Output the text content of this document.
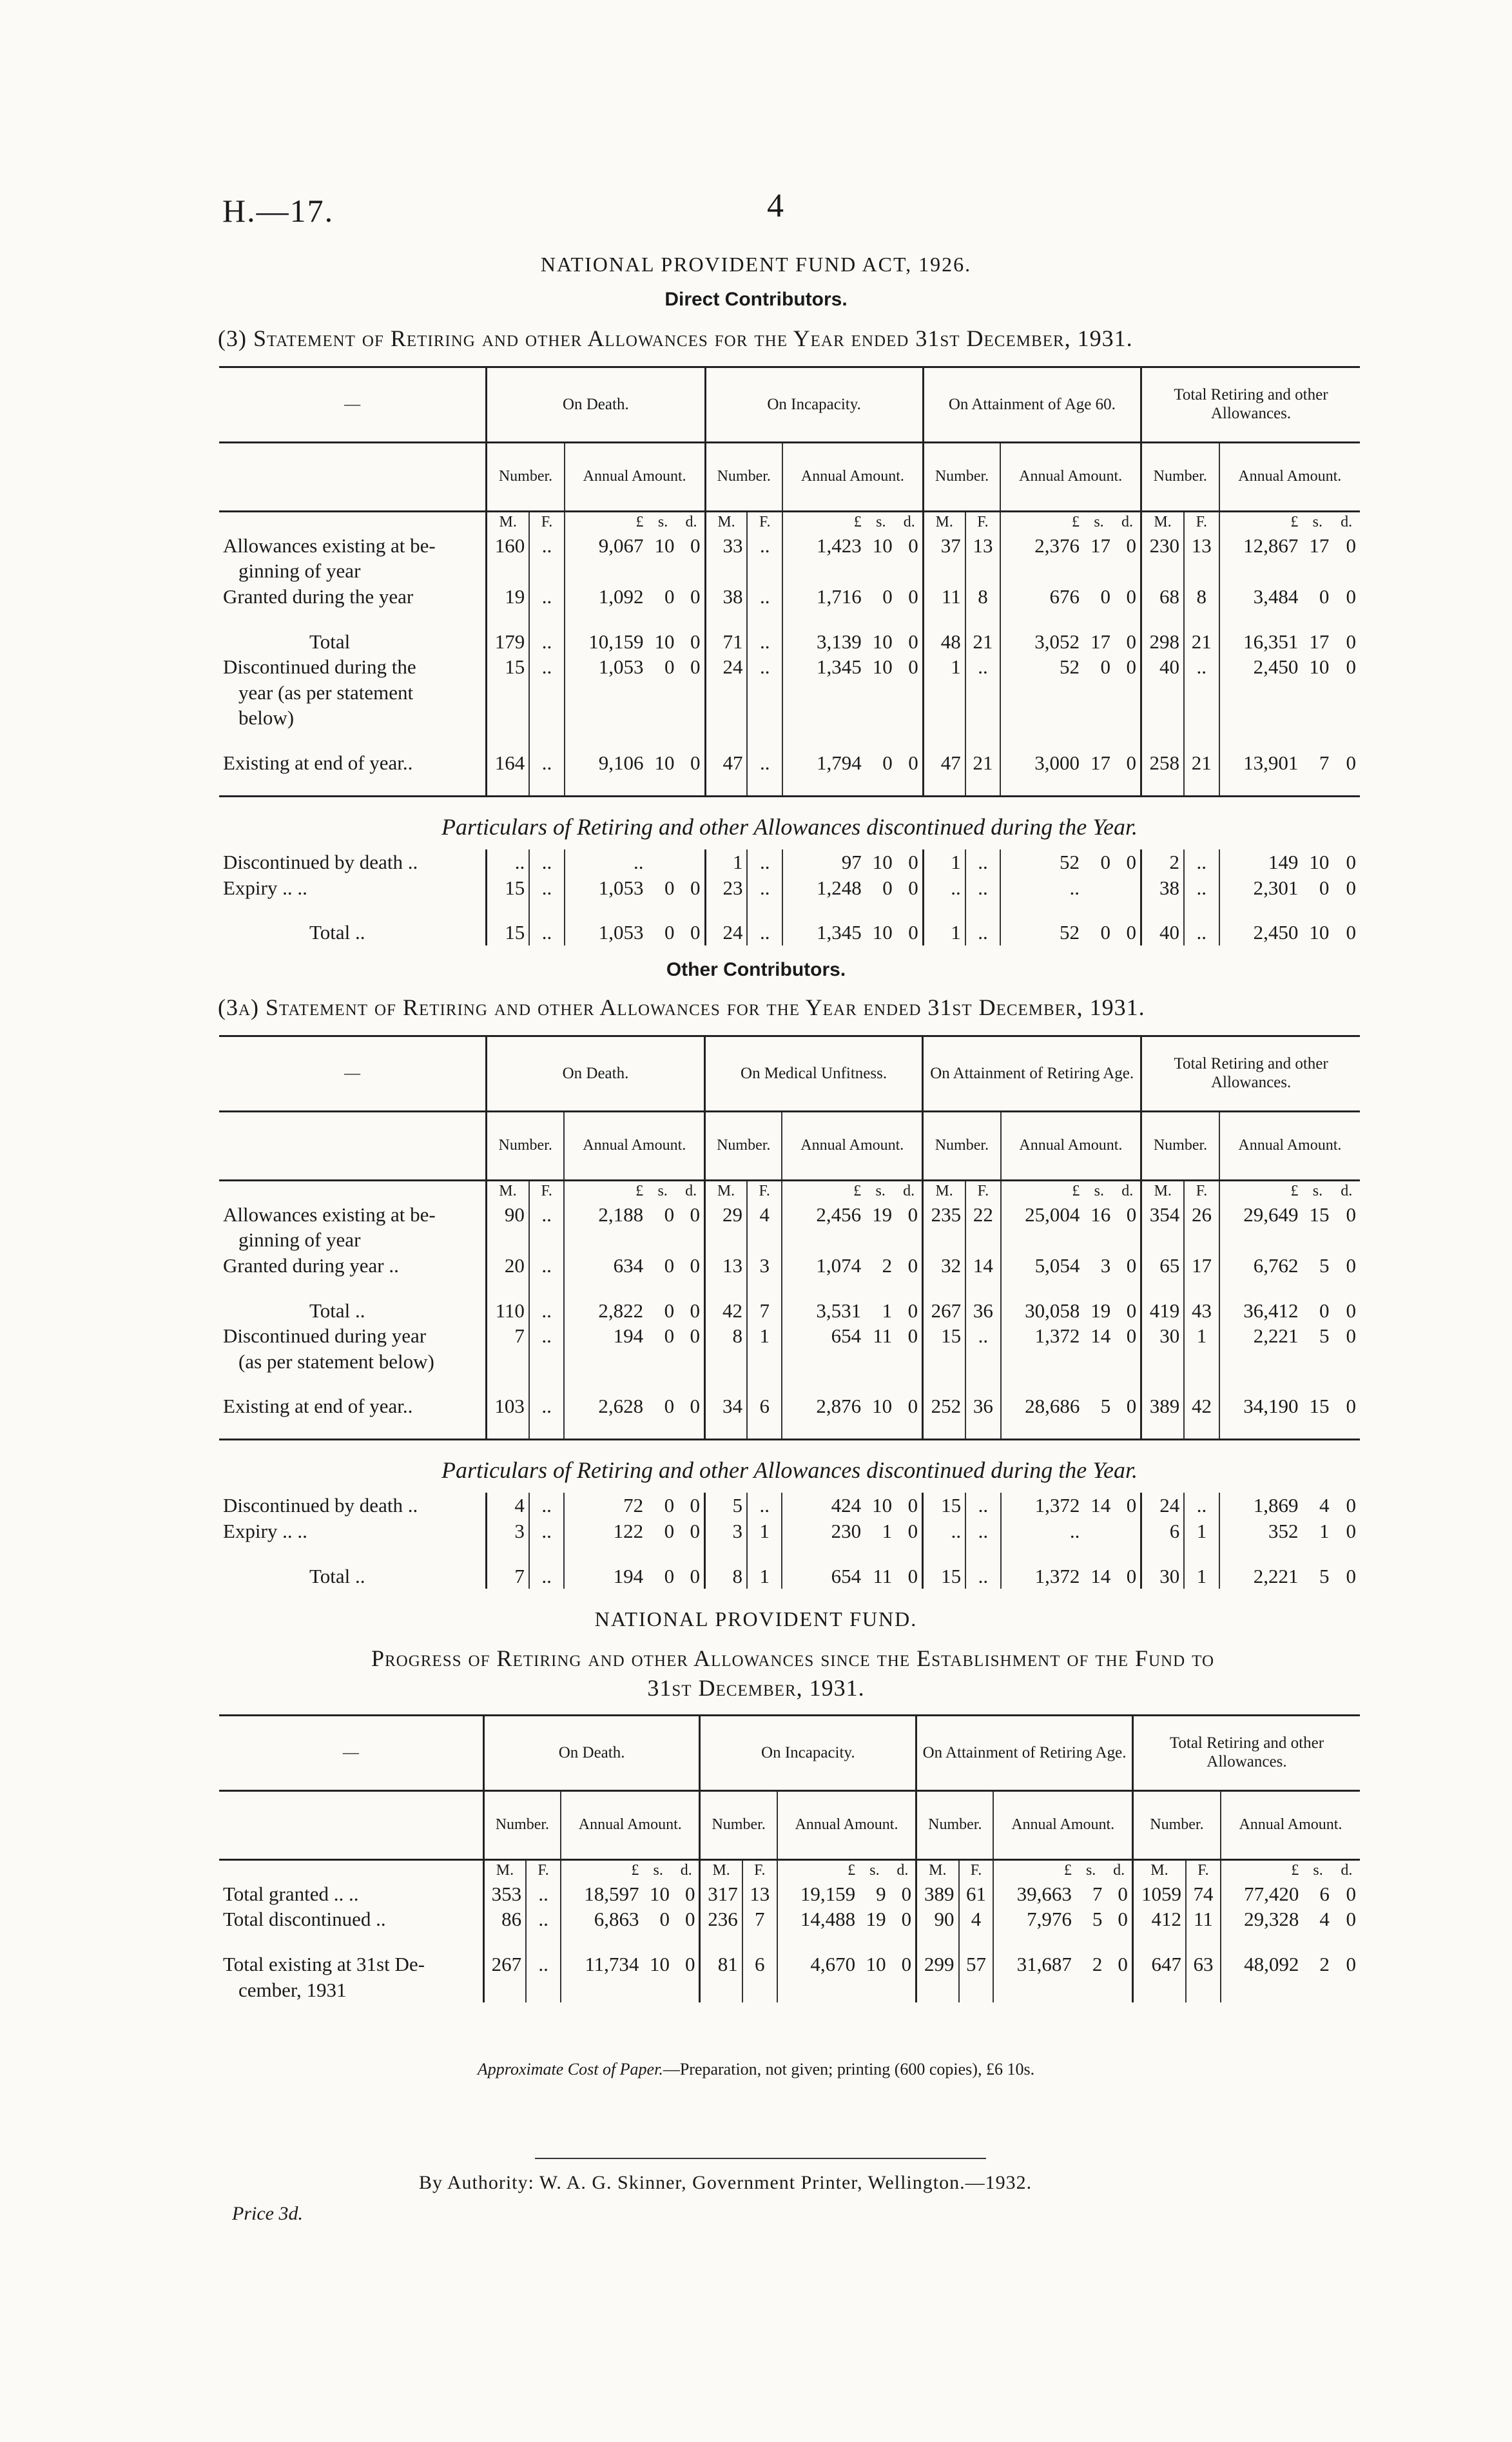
H.—17.	4
NATIONAL PROVIDENT FUND ACT, 1926.
Direct Contributors.
(3) Statement of Retiring and other Allowances for the Year ended 31st December, 1931.
—	On Death.					On Incapacity.					On Attainment of Age 60.					Total Retiring and other Allowances.				
	Number.		Annual Amount.			Number.		Annual Amount.			Number.		Annual Amount.			Number.		Annual Amount.		
	M.	F.	£	s.	d.	M.	F.	£	s.	d.	M.	F.	£	s.	d.	M.	F.	£	s.	d.
Allowances existing at be-	160	..	9,067	10	0	33	..	1,423	10	0	37	13	2,376	17	0	230	13	12,867	17	0
ginning of year																				
Granted during the year	19	..	1,092	0	0	38	..	1,716	0	0	11	8	676	0	0	68	8	3,484	0	0

Total	179	..	10,159	10	0	71	..	3,139	10	0	48	21	3,052	17	0	298	21	16,351	17	0
Discontinued during the	15	..	1,053	0	0	24	..	1,345	10	0	1	..	52	0	0	40	..	2,450	10	0
year (as per statement																				
below)																				

Existing at end of year..	164	..	9,106	10	0	47	..	1,794	0	0	47	21	3,000	17	0	258	21	13,901	7	0

Particulars of Retiring and other Allowances discontinued during the Year.																				
Discontinued by death ..	..	..	..			1	..	97	10	0	1	..	52	0	0	2	..	149	10	0
Expiry .. ..	15	..	1,053	0	0	23	..	1,248	0	0	..	..	..			38	..	2,301	0	0

Total ..	15	..	1,053	0	0	24	..	1,345	10	0	1	..	52	0	0	40	..	2,450	10	0
Other Contributors.
(3a) Statement of Retiring and other Allowances for the Year ended 31st December, 1931.
—	On Death.					On Medical Unfitness.					On Attainment of Retiring Age.					Total Retiring and other Allowances.				
	Number.		Annual Amount.			Number.		Annual Amount.			Number.		Annual Amount.			Number.		Annual Amount.		
	M.	F.	£	s.	d.	M.	F.	£	s.	d.	M.	F.	£	s.	d.	M.	F.	£	s.	d.
Allowances existing at be-	90	..	2,188	0	0	29	4	2,456	19	0	235	22	25,004	16	0	354	26	29,649	15	0
ginning of year																				
Granted during year ..	20	..	634	0	0	13	3	1,074	2	0	32	14	5,054	3	0	65	17	6,762	5	0

Total ..	110	..	2,822	0	0	42	7	3,531	1	0	267	36	30,058	19	0	419	43	36,412	0	0
Discontinued during year	7	..	194	0	0	8	1	654	11	0	15	..	1,372	14	0	30	1	2,221	5	0
(as per statement below)																				

Existing at end of year..	103	..	2,628	0	0	34	6	2,876	10	0	252	36	28,686	5	0	389	42	34,190	15	0

Particulars of Retiring and other Allowances discontinued during the Year.																				
Discontinued by death ..	4	..	72	0	0	5	..	424	10	0	15	..	1,372	14	0	24	..	1,869	4	0
Expiry .. ..	3	..	122	0	0	3	1	230	1	0	..	..	..			6	1	352	1	0

Total ..	7	..	194	0	0	8	1	654	11	0	15	..	1,372	14	0	30	1	2,221	5	0
NATIONAL PROVIDENT FUND.
Progress of Retiring and other Allowances since the Establishment of the Fund to
31st December, 1931.
—	On Death.					On Incapacity.					On Attainment of Retiring Age.					Total Retiring and other Allowances.				
	Number.		Annual Amount.			Number.		Annual Amount.			Number.		Annual Amount.			Number.		Annual Amount.		
	M.	F.	£	s.	d.	M.	F.	£	s.	d.	M.	F.	£	s.	d.	M.	F.	£	s.	d.
Total granted .. ..	353	..	18,597	10	0	317	13	19,159	9	0	389	61	39,663	7	0	1059	74	77,420	6	0
Total discontinued ..	86	..	6,863	0	0	236	7	14,488	19	0	90	4	7,976	5	0	412	11	29,328	4	0

Total existing at 31st De-	267	..	11,734	10	0	81	6	4,670	10	0	299	57	31,687	2	0	647	63	48,092	2	0
cember, 1931																				
Approximate Cost of Paper.—Preparation, not given; printing (600 copies), £6 10s.
By Authority: W. A. G. Skinner, Government Printer, Wellington.—1932.
Price 3d.
